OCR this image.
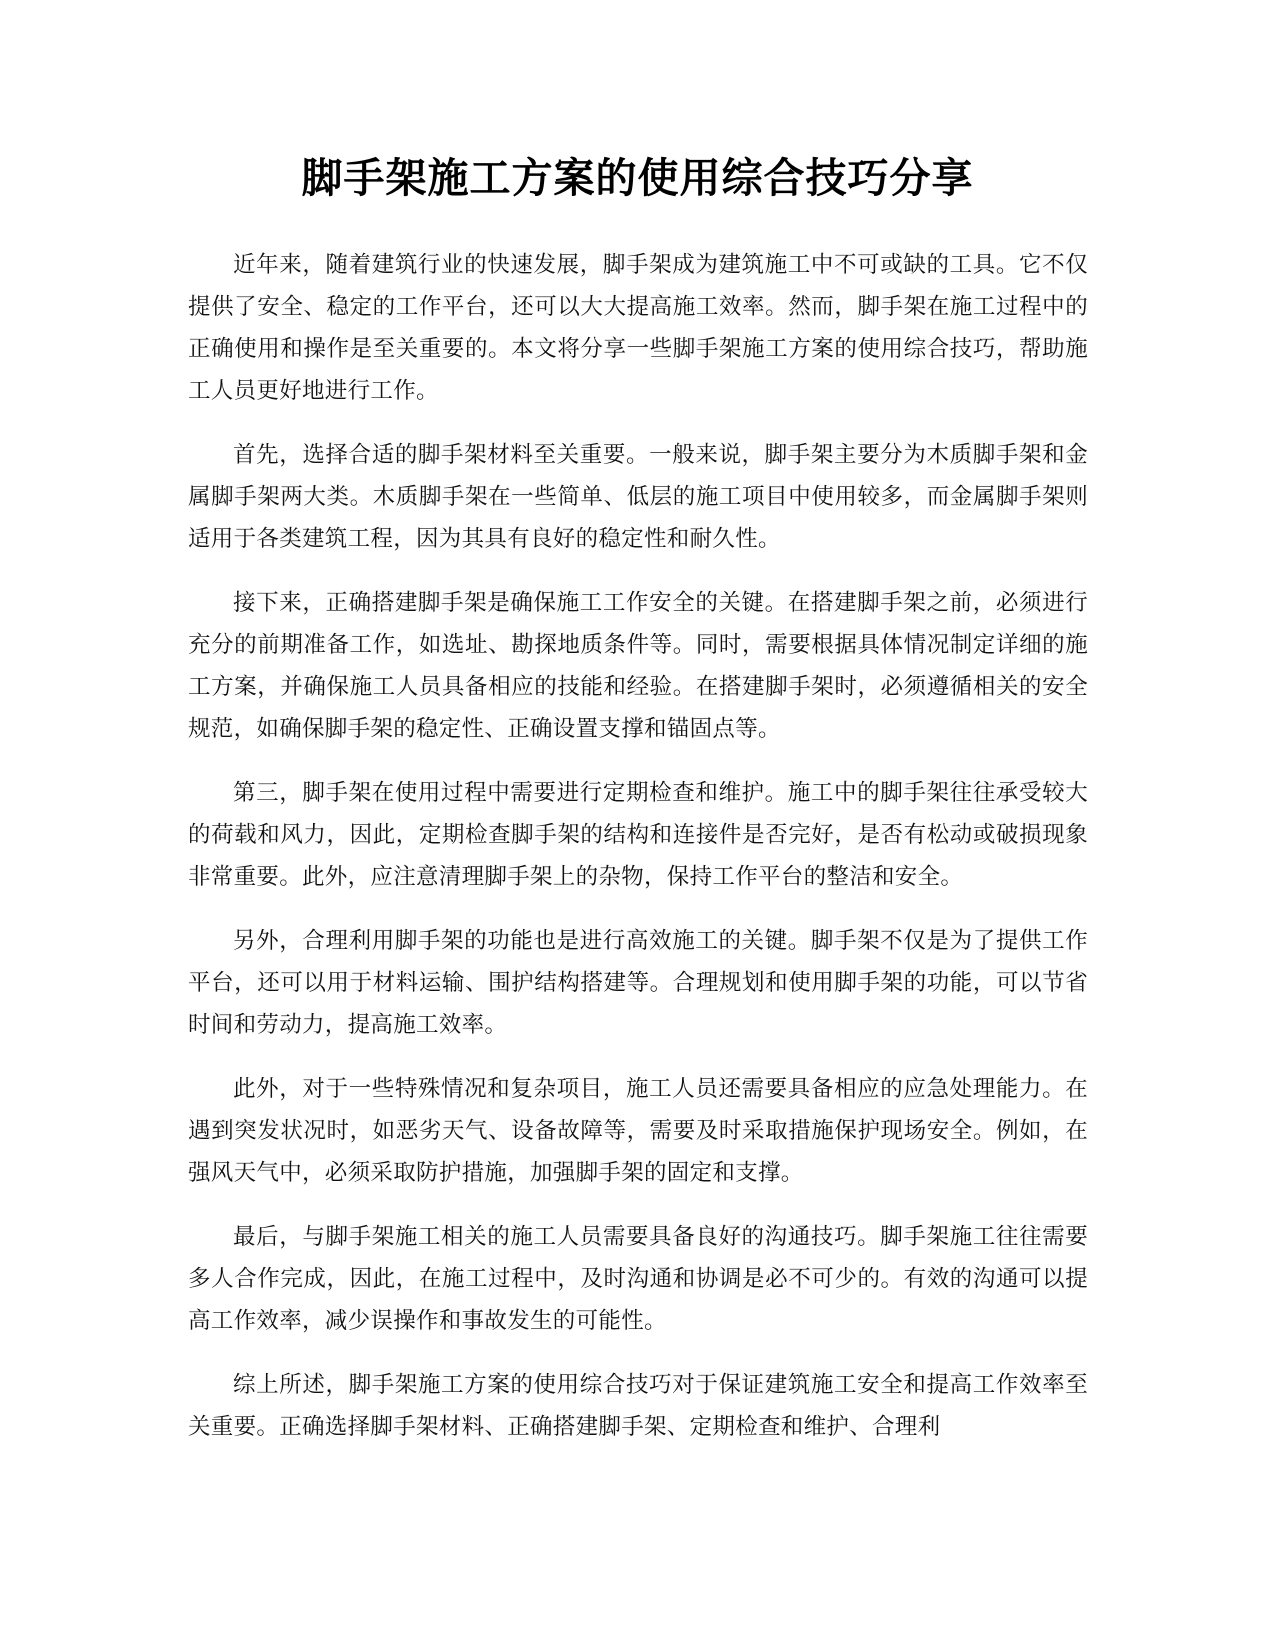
脚手架施工方案的使用综合技巧分享

近年来，随着建筑行业的快速发展，脚手架成为建筑施工中不可或缺的工具。它不仅提供了安全、稳定的工作平台，还可以大大提高施工效率。然而，脚手架在施工过程中的正确使用和操作是至关重要的。本文将分享一些脚手架施工方案的使用综合技巧，帮助施工人员更好地进行工作。

首先，选择合适的脚手架材料至关重要。一般来说，脚手架主要分为木质脚手架和金属脚手架两大类。木质脚手架在一些简单、低层的施工项目中使用较多，而金属脚手架则适用于各类建筑工程，因为其具有良好的稳定性和耐久性。

接下来，正确搭建脚手架是确保施工工作安全的关键。在搭建脚手架之前，必须进行充分的前期准备工作，如选址、勘探地质条件等。同时，需要根据具体情况制定详细的施工方案，并确保施工人员具备相应的技能和经验。在搭建脚手架时，必须遵循相关的安全规范，如确保脚手架的稳定性、正确设置支撑和锚固点等。

第三，脚手架在使用过程中需要进行定期检查和维护。施工中的脚手架往往承受较大的荷载和风力，因此，定期检查脚手架的结构和连接件是否完好，是否有松动或破损现象非常重要。此外，应注意清理脚手架上的杂物，保持工作平台的整洁和安全。

另外，合理利用脚手架的功能也是进行高效施工的关键。脚手架不仅是为了提供工作平台，还可以用于材料运输、围护结构搭建等。合理规划和使用脚手架的功能，可以节省时间和劳动力，提高施工效率。

此外，对于一些特殊情况和复杂项目，施工人员还需要具备相应的应急处理能力。在遇到突发状况时，如恶劣天气、设备故障等，需要及时采取措施保护现场安全。例如，在强风天气中，必须采取防护措施，加强脚手架的固定和支撑。

最后，与脚手架施工相关的施工人员需要具备良好的沟通技巧。脚手架施工往往需要多人合作完成，因此，在施工过程中，及时沟通和协调是必不可少的。有效的沟通可以提高工作效率，减少误操作和事故发生的可能性。

综上所述，脚手架施工方案的使用综合技巧对于保证建筑施工安全和提高工作效率至关重要。正确选择脚手架材料、正确搭建脚手架、定期检查和维护、合理利
